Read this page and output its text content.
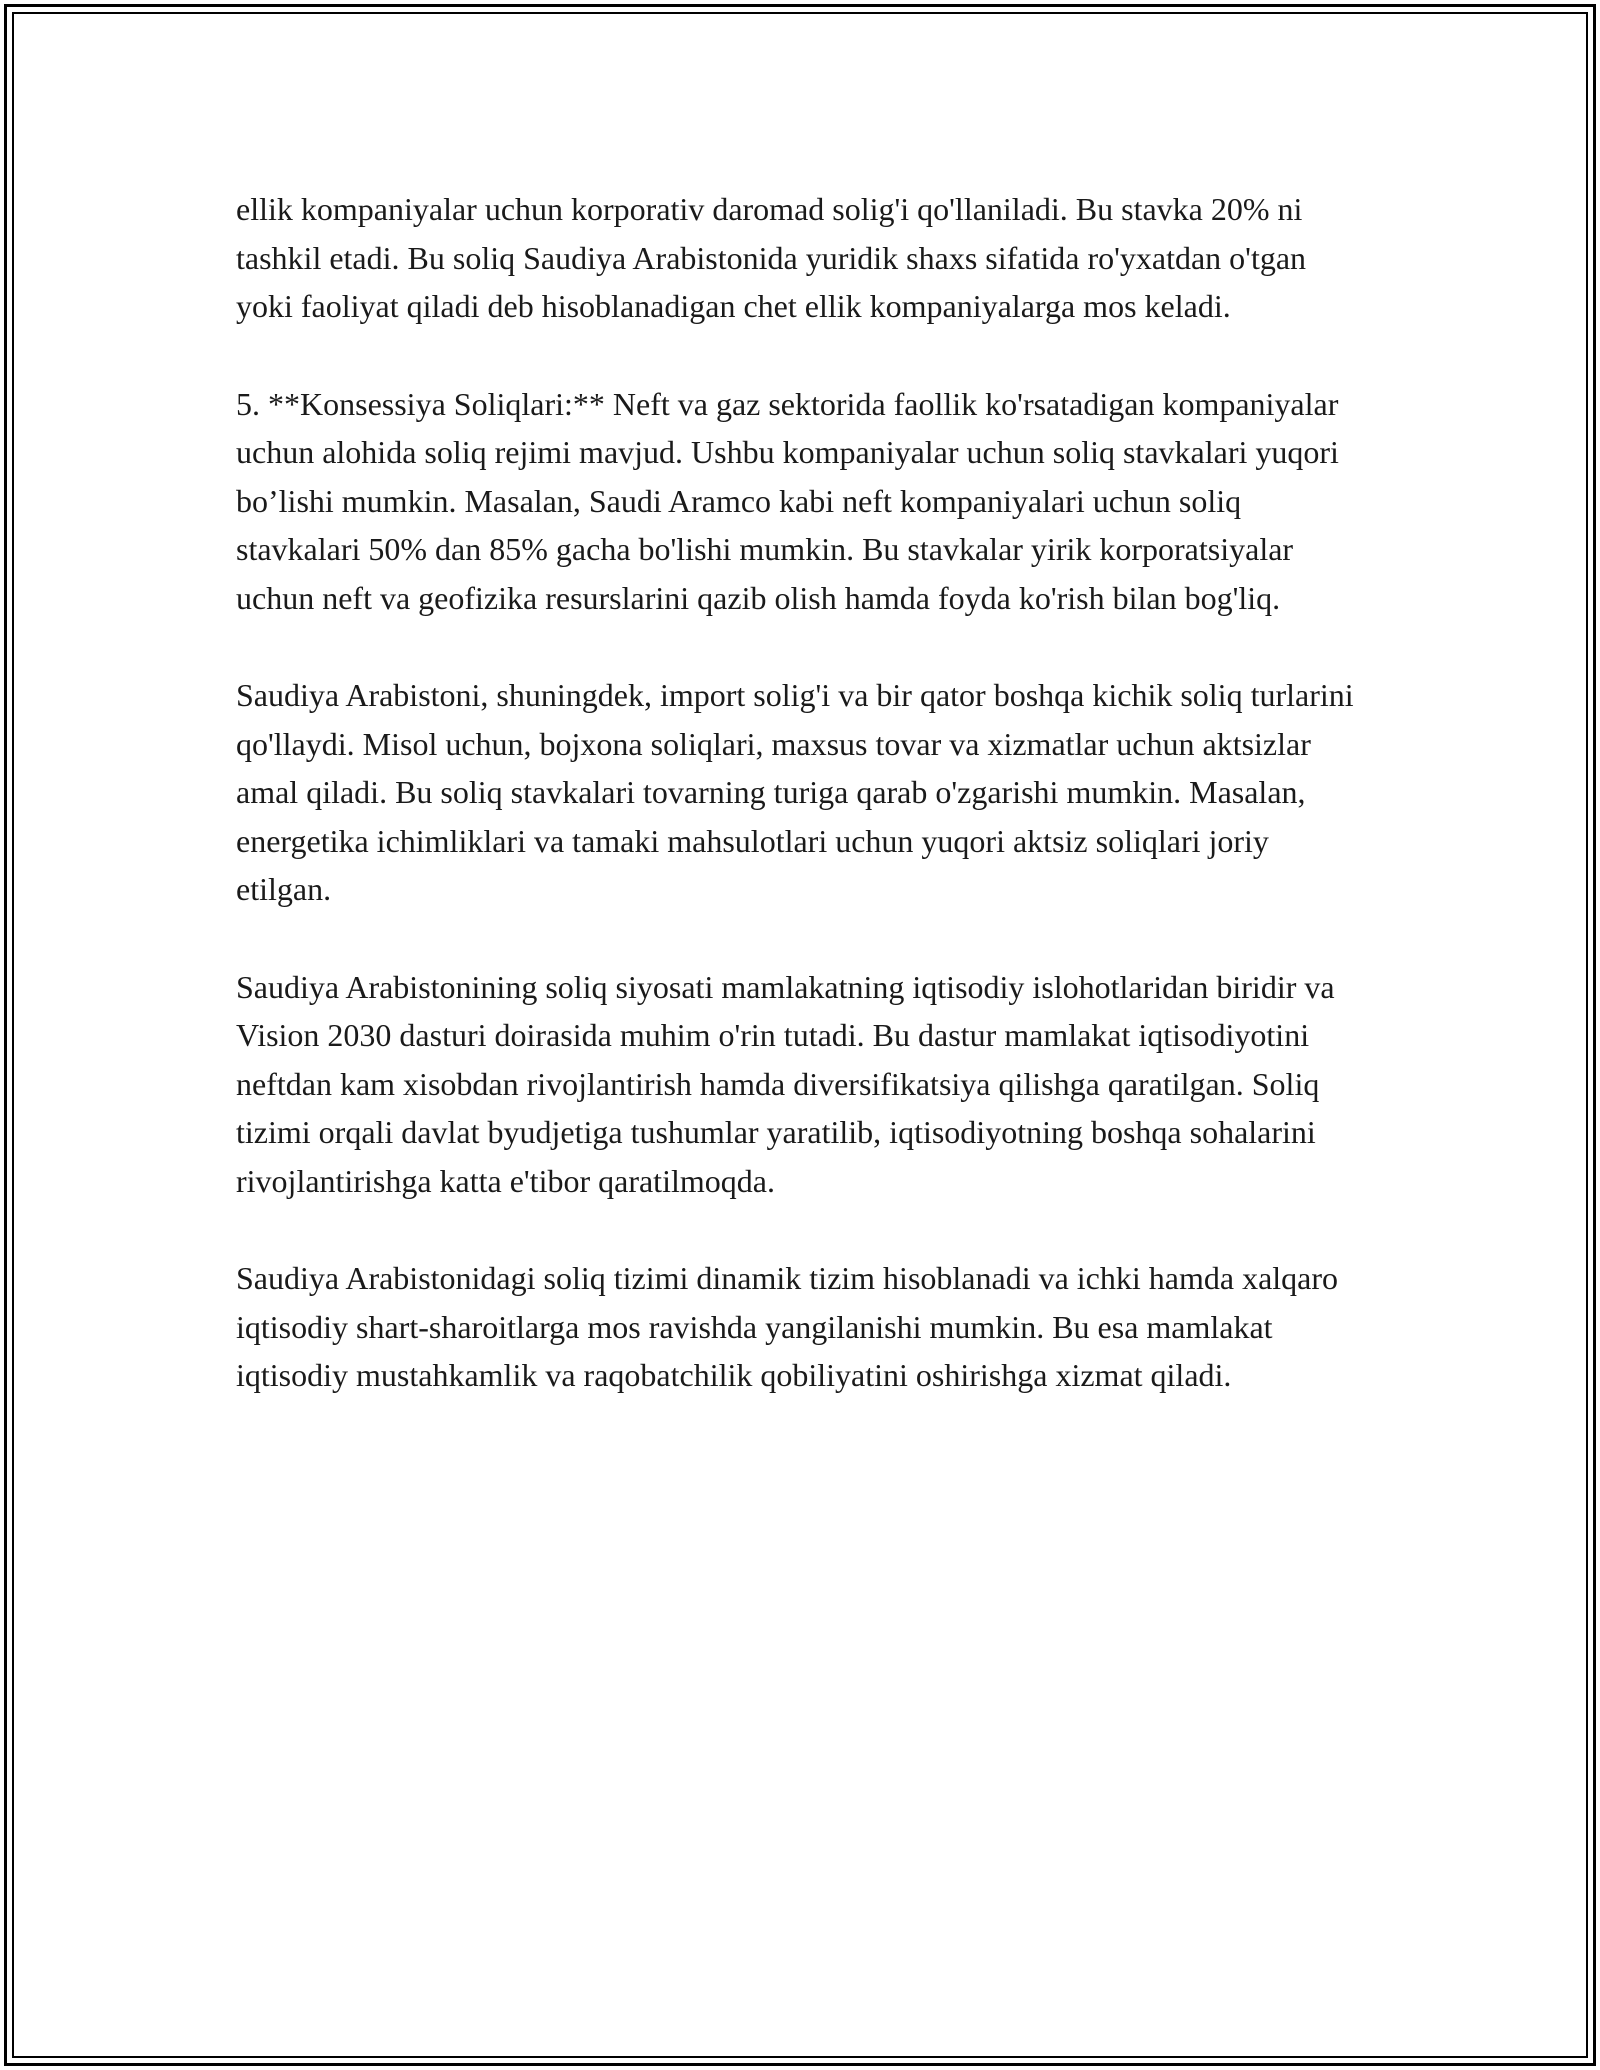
ellik kompaniyalar uchun korporativ daromad solig'i qo'llaniladi. Bu stavka 20% ni tashkil etadi. Bu soliq Saudiya Arabistonida yuridik shaxs sifatida ro'yxatdan o'tgan yoki faoliyat qiladi deb hisoblanadigan chet ellik kompaniyalarga mos keladi.

5. **Konsessiya Soliqlari:** Neft va gaz sektorida faollik ko'rsatadigan kompaniyalar uchun alohida soliq rejimi mavjud. Ushbu kompaniyalar uchun soliq stavkalari yuqori bo’lishi mumkin. Masalan, Saudi Aramco kabi neft kompaniyalari uchun soliq stavkalari 50% dan 85% gacha bo'lishi mumkin. Bu stavkalar yirik korporatsiyalar uchun neft va geofizika resurslarini qazib olish hamda foyda ko'rish bilan bog'liq.

Saudiya Arabistoni, shuningdek, import solig'i va bir qator boshqa kichik soliq turlarini qo'llaydi. Misol uchun, bojxona soliqlari, maxsus tovar va xizmatlar uchun aktsizlar amal qiladi. Bu soliq stavkalari tovarning turiga qarab o'zgarishi mumkin. Masalan, energetika ichimliklari va tamaki mahsulotlari uchun yuqori aktsiz soliqlari joriy etilgan.

Saudiya Arabistonining soliq siyosati mamlakatning iqtisodiy islohotlaridan biridir va Vision 2030 dasturi doirasida muhim o'rin tutadi. Bu dastur mamlakat iqtisodiyotini neftdan kam xisobdan rivojlantirish hamda diversifikatsiya qilishga qaratilgan. Soliq tizimi orqali davlat byudjetiga tushumlar yaratilib, iqtisodiyotning boshqa sohalarini rivojlantirishga katta e'tibor qaratilmoqda.

Saudiya Arabistonidagi soliq tizimi dinamik tizim hisoblanadi va ichki hamda xalqaro iqtisodiy shart-sharoitlarga mos ravishda yangilanishi mumkin. Bu esa mamlakat iqtisodiy mustahkamlik va raqobatchilik qobiliyatini oshirishga xizmat qiladi.
